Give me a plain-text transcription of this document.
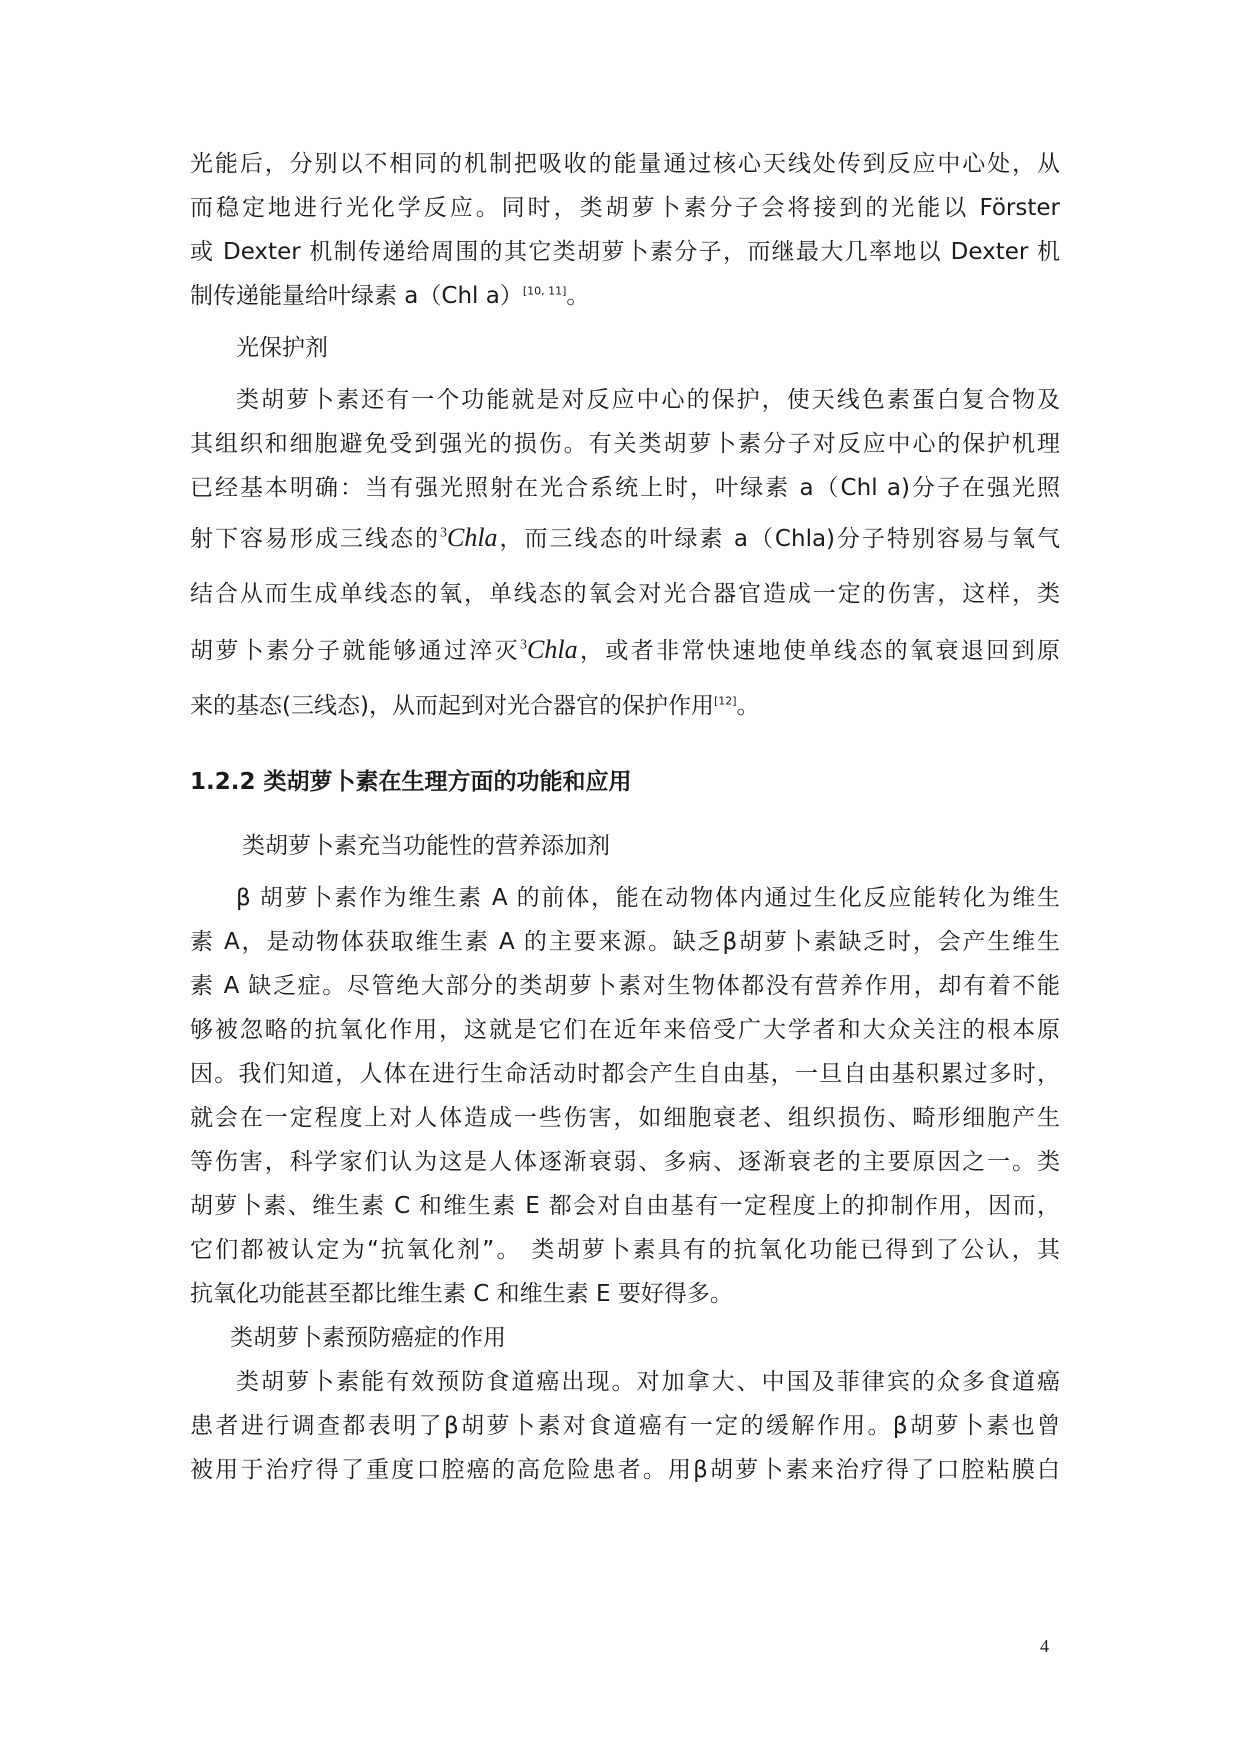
光能后，分别以不相同的机制把吸收的能量通过核心天线处传到反应中心处，从
而稳定地进行光化学反应。同时，类胡萝卜素分子会将接到的光能以 Förster
或 Dexter 机制传递给周围的其它类胡萝卜素分子，而继最大几率地以 Dexter 机
制传递能量给叶绿素 a（Chl a）[10, 11]。
光保护剂
类胡萝卜素还有一个功能就是对反应中心的保护，使天线色素蛋白复合物及
其组织和细胞避免受到强光的损伤。有关类胡萝卜素分子对反应中心的保护机理
已经基本明确：当有强光照射在光合系统上时，叶绿素 a（Chl a)分子在强光照
射下容易形成三线态的$^3$Chla，而三线态的叶绿素 a（Chla)分子特别容易与氧气
结合从而生成单线态的氧，单线态的氧会对光合器官造成一定的伤害，这样，类
胡萝卜素分子就能够通过淬灭$^3$Chla，或者非常快速地使单线态的氧衰退回到原
来的基态(三线态)，从而起到对光合器官的保护作用[12]。
1.2.2 类胡萝卜素在生理方面的功能和应用
类胡萝卜素充当功能性的营养添加剂
β 胡萝卜素作为维生素 A 的前体，能在动物体内通过生化反应能转化为维生
素 A，是动物体获取维生素 A 的主要来源。缺乏β胡萝卜素缺乏时，会产生维生
素 A 缺乏症。尽管绝大部分的类胡萝卜素对生物体都没有营养作用，却有着不能
够被忽略的抗氧化作用，这就是它们在近年来倍受广大学者和大众关注的根本原
因。我们知道，人体在进行生命活动时都会产生自由基，一旦自由基积累过多时，
就会在一定程度上对人体造成一些伤害，如细胞衰老、组织损伤、畸形细胞产生
等伤害，科学家们认为这是人体逐渐衰弱、多病、逐渐衰老的主要原因之一。类
胡萝卜素、维生素 C 和维生素 E 都会对自由基有一定程度上的抑制作用，因而，
它们都被认定为“抗氧化剂”。 类胡萝卜素具有的抗氧化功能已得到了公认，其
抗氧化功能甚至都比维生素 C 和维生素 E 要好得多。
类胡萝卜素预防癌症的作用
类胡萝卜素能有效预防食道癌出现。对加拿大、中国及菲律宾的众多食道癌
患者进行调查都表明了β胡萝卜素对食道癌有一定的缓解作用。β胡萝卜素也曾
被用于治疗得了重度口腔癌的高危险患者。用β胡萝卜素来治疗得了口腔粘膜白
4
